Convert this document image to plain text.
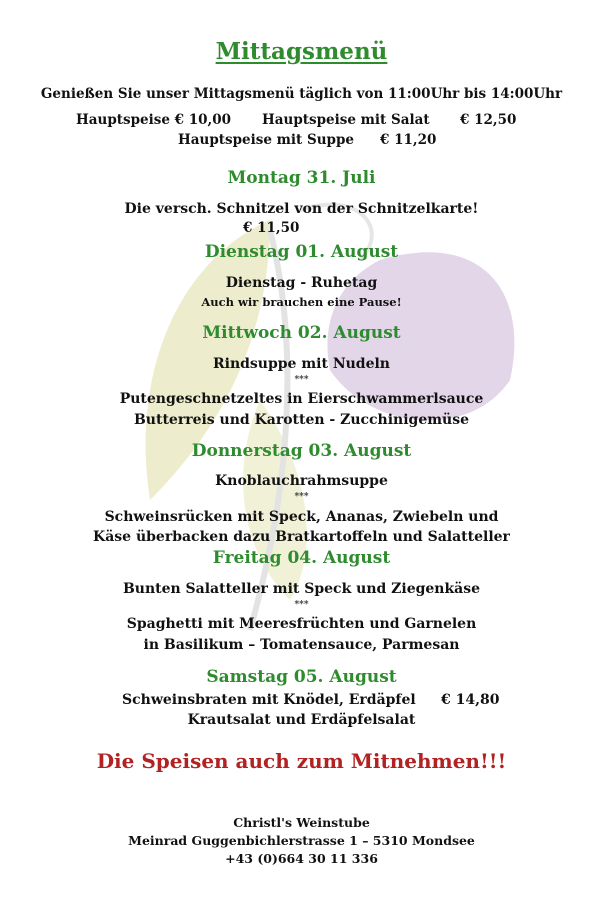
Mittagsmenü
Genießen Sie unser Mittagsmenü täglich von 11:00Uhr bis 14:00Uhr
Hauptspeise € 10,00 Hauptspeise mit Salat € 12,50
Hauptspeise mit Suppe € 11,20
Montag 31. Juli
Die versch. Schnitzel von der Schnitzelkarte!
€ 11,50
Dienstag 01. August
Dienstag - Ruhetag
Auch wir brauchen eine Pause!
Mittwoch 02. August
Rindsuppe mit Nudeln
***
Putengeschnetzeltes in Eierschwammerlsauce
Butterreis und Karotten - Zucchinigemüse
Donnerstag 03. August
Knoblauchrahmsuppe
***
Schweinsrücken mit Speck, Ananas, Zwiebeln und
Käse überbacken dazu Bratkartoffeln und Salatteller
Freitag 04. August
Bunten Salatteller mit Speck und Ziegenkäse
***
Spaghetti mit Meeresfrüchten und Garnelen
in Basilikum – Tomatensauce, Parmesan
Samstag 05. August
Schweinsbraten mit Knödel, Erdäpfel € 14,80
Krautsalat und Erdäpfelsalat
Die Speisen auch zum Mitnehmen!!!
Christl's Weinstube
Meinrad Guggenbichlerstrasse 1 – 5310 Mondsee
+43 (0)664 30 11 336
